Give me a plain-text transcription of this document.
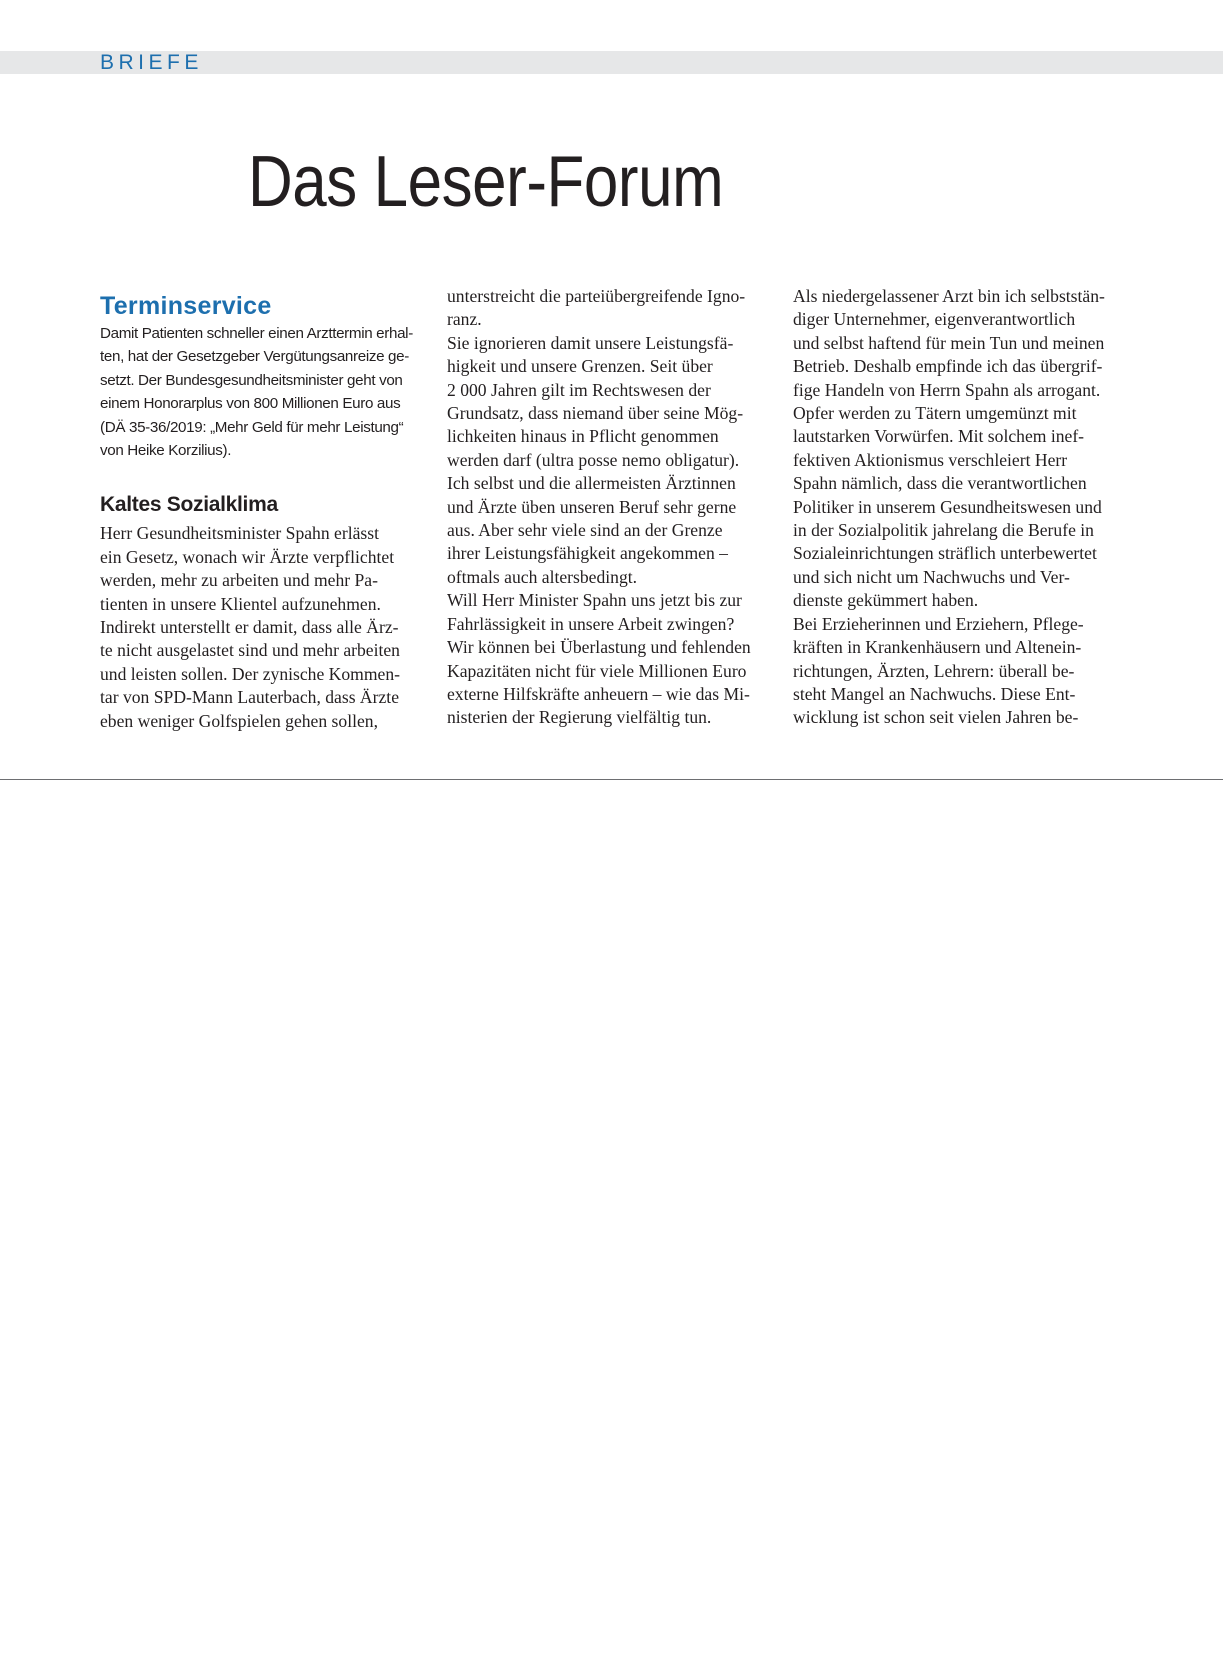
BRIEFE
Das Leser-Forum
Terminservice

Damit Patienten schneller einen Arzttermin erhal-
ten, hat der Gesetzgeber Vergütungsanreize ge-
setzt. Der Bundesgesundheitsminister geht von
einem Honorarplus von 800 Millionen Euro aus
(DÄ 35-36/2019: „Mehr Geld für mehr Leistung“
von Heike Korzilius).

Kaltes Sozialklima

Herr Gesundheitsminister Spahn erlässt
ein Gesetz, wonach wir Ärzte verpflichtet
werden, mehr zu arbeiten und mehr Pa-
tienten in unsere Klientel aufzunehmen.
Indirekt unterstellt er damit, dass alle Ärz-
te nicht ausgelastet sind und mehr arbeiten
und leisten sollen. Der zynische Kommen-
tar von SPD-Mann Lauterbach, dass Ärzte
eben weniger Golfspielen gehen sollen,

unterstreicht die parteiübergreifende Igno-
ranz.
Sie ignorieren damit unsere Leistungsfä-
higkeit und unsere Grenzen. Seit über
2 000 Jahren gilt im Rechtswesen der
Grundsatz, dass niemand über seine Mög-
lichkeiten hinaus in Pflicht genommen
werden darf (ultra posse nemo obligatur).
Ich selbst und die allermeisten Ärztinnen
und Ärzte üben unseren Beruf sehr gerne
aus. Aber sehr viele sind an der Grenze
ihrer Leistungsfähigkeit angekommen –
oftmals auch altersbedingt.
Will Herr Minister Spahn uns jetzt bis zur
Fahrlässigkeit in unsere Arbeit zwingen?
Wir können bei Überlastung und fehlenden
Kapazitäten nicht für viele Millionen Euro
externe Hilfskräfte anheuern – wie das Mi-
nisterien der Regierung vielfältig tun.

Als niedergelassener Arzt bin ich selbststän-
diger Unternehmer, eigenverantwortlich
und selbst haftend für mein Tun und meinen
Betrieb. Deshalb empfinde ich das übergrif-
fige Handeln von Herrn Spahn als arrogant.
Opfer werden zu Tätern umgemünzt mit
lautstarken Vorwürfen. Mit solchem inef-
fektiven Aktionismus verschleiert Herr
Spahn nämlich, dass die verantwortlichen
Politiker in unserem Gesundheitswesen und
in der Sozialpolitik jahrelang die Berufe in
Sozialeinrichtungen sträflich unterbewertet
und sich nicht um Nachwuchs und Ver-
dienste gekümmert haben.
Bei Erzieherinnen und Erziehern, Pflege-
kräften in Krankenhäusern und Altenein-
richtungen, Ärzten, Lehrern: überall be-
steht Mangel an Nachwuchs. Diese Ent-
wicklung ist schon seit vielen Jahren be-
